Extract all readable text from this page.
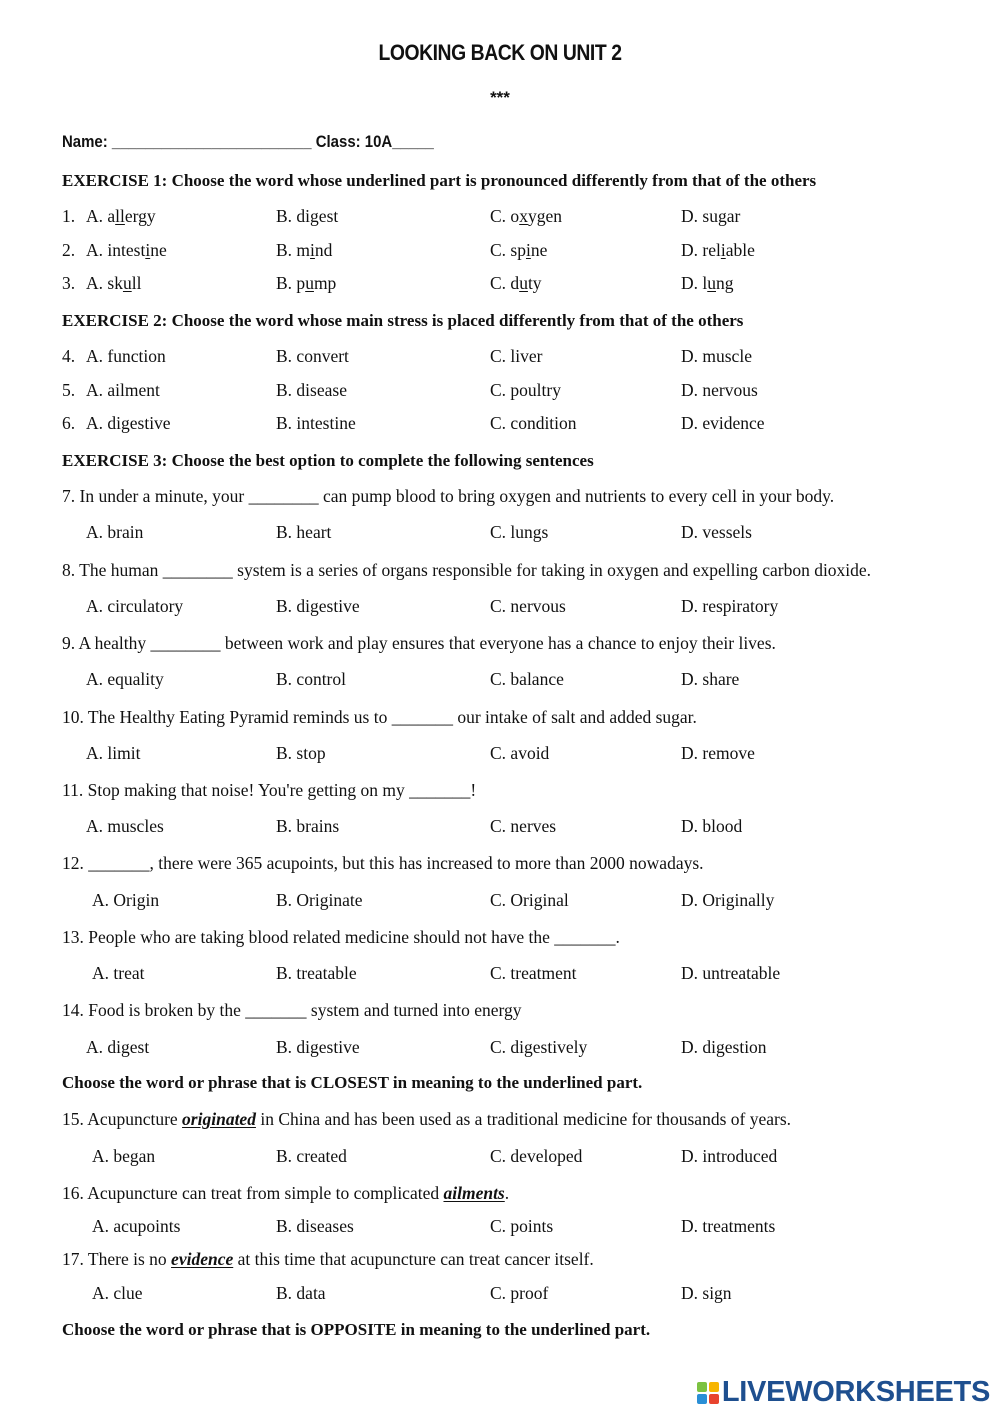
LOOKING BACK ON UNIT 2
***
Name: ________________________ Class: 10A_____
EXERCISE 1: Choose the word whose underlined part is pronounced differently from that of the others
1. A. allergy	B. digest	C. oxygen	D. sugar
2. A. intestine	B. mind	C. spine	D. reliable
3. A. skull	B. pump	C. duty	D. lung
EXERCISE 2: Choose the word whose main stress is placed differently from that of the others
4. A. function	B. convert	C. liver	D. muscle
5. A. ailment	B. disease	C. poultry	D. nervous
6. A. digestive	B. intestine	C. condition	D. evidence
EXERCISE 3: Choose the best option to complete the following sentences
7. In under a minute, your ________ can pump blood to bring oxygen and nutrients to every cell in your body.
A. brain	B. heart	C. lungs	D. vessels
8. The human ________ system is a series of organs responsible for taking in oxygen and expelling carbon dioxide.
A. circulatory	B. digestive	C. nervous	D. respiratory
9. A healthy ________ between work and play ensures that everyone has a chance to enjoy their lives.
A. equality	B. control	C. balance	D. share
10. The Healthy Eating Pyramid reminds us to _______ our intake of salt and added sugar.
A. limit	B. stop	C. avoid	D. remove
11. Stop making that noise! You're getting on my _______!
A. muscles	B. brains	C. nerves	D. blood
12. _______, there were 365 acupoints, but this has increased to more than 2000 nowadays.
A. Origin	B. Originate	C. Original	D. Originally
13. People who are taking blood related medicine should not have the _______.
A. treat	B. treatable	C. treatment	D. untreatable
14. Food is broken by the _______ system and turned into energy
A. digest	B. digestive	C. digestively	D. digestion
Choose the word or phrase that is CLOSEST in meaning to the underlined part.
15. Acupuncture originated in China and has been used as a traditional medicine for thousands of years.
A. began	B. created	C. developed	D. introduced
16. Acupuncture can treat from simple to complicated ailments.
A. acupoints	B. diseases	C. points	D. treatments
17. There is no evidence at this time that acupuncture can treat cancer itself.
A. clue	B. data	C. proof	D. sign
Choose the word or phrase that is OPPOSITE in meaning to the underlined part.
LIVEWORKSHEETS
